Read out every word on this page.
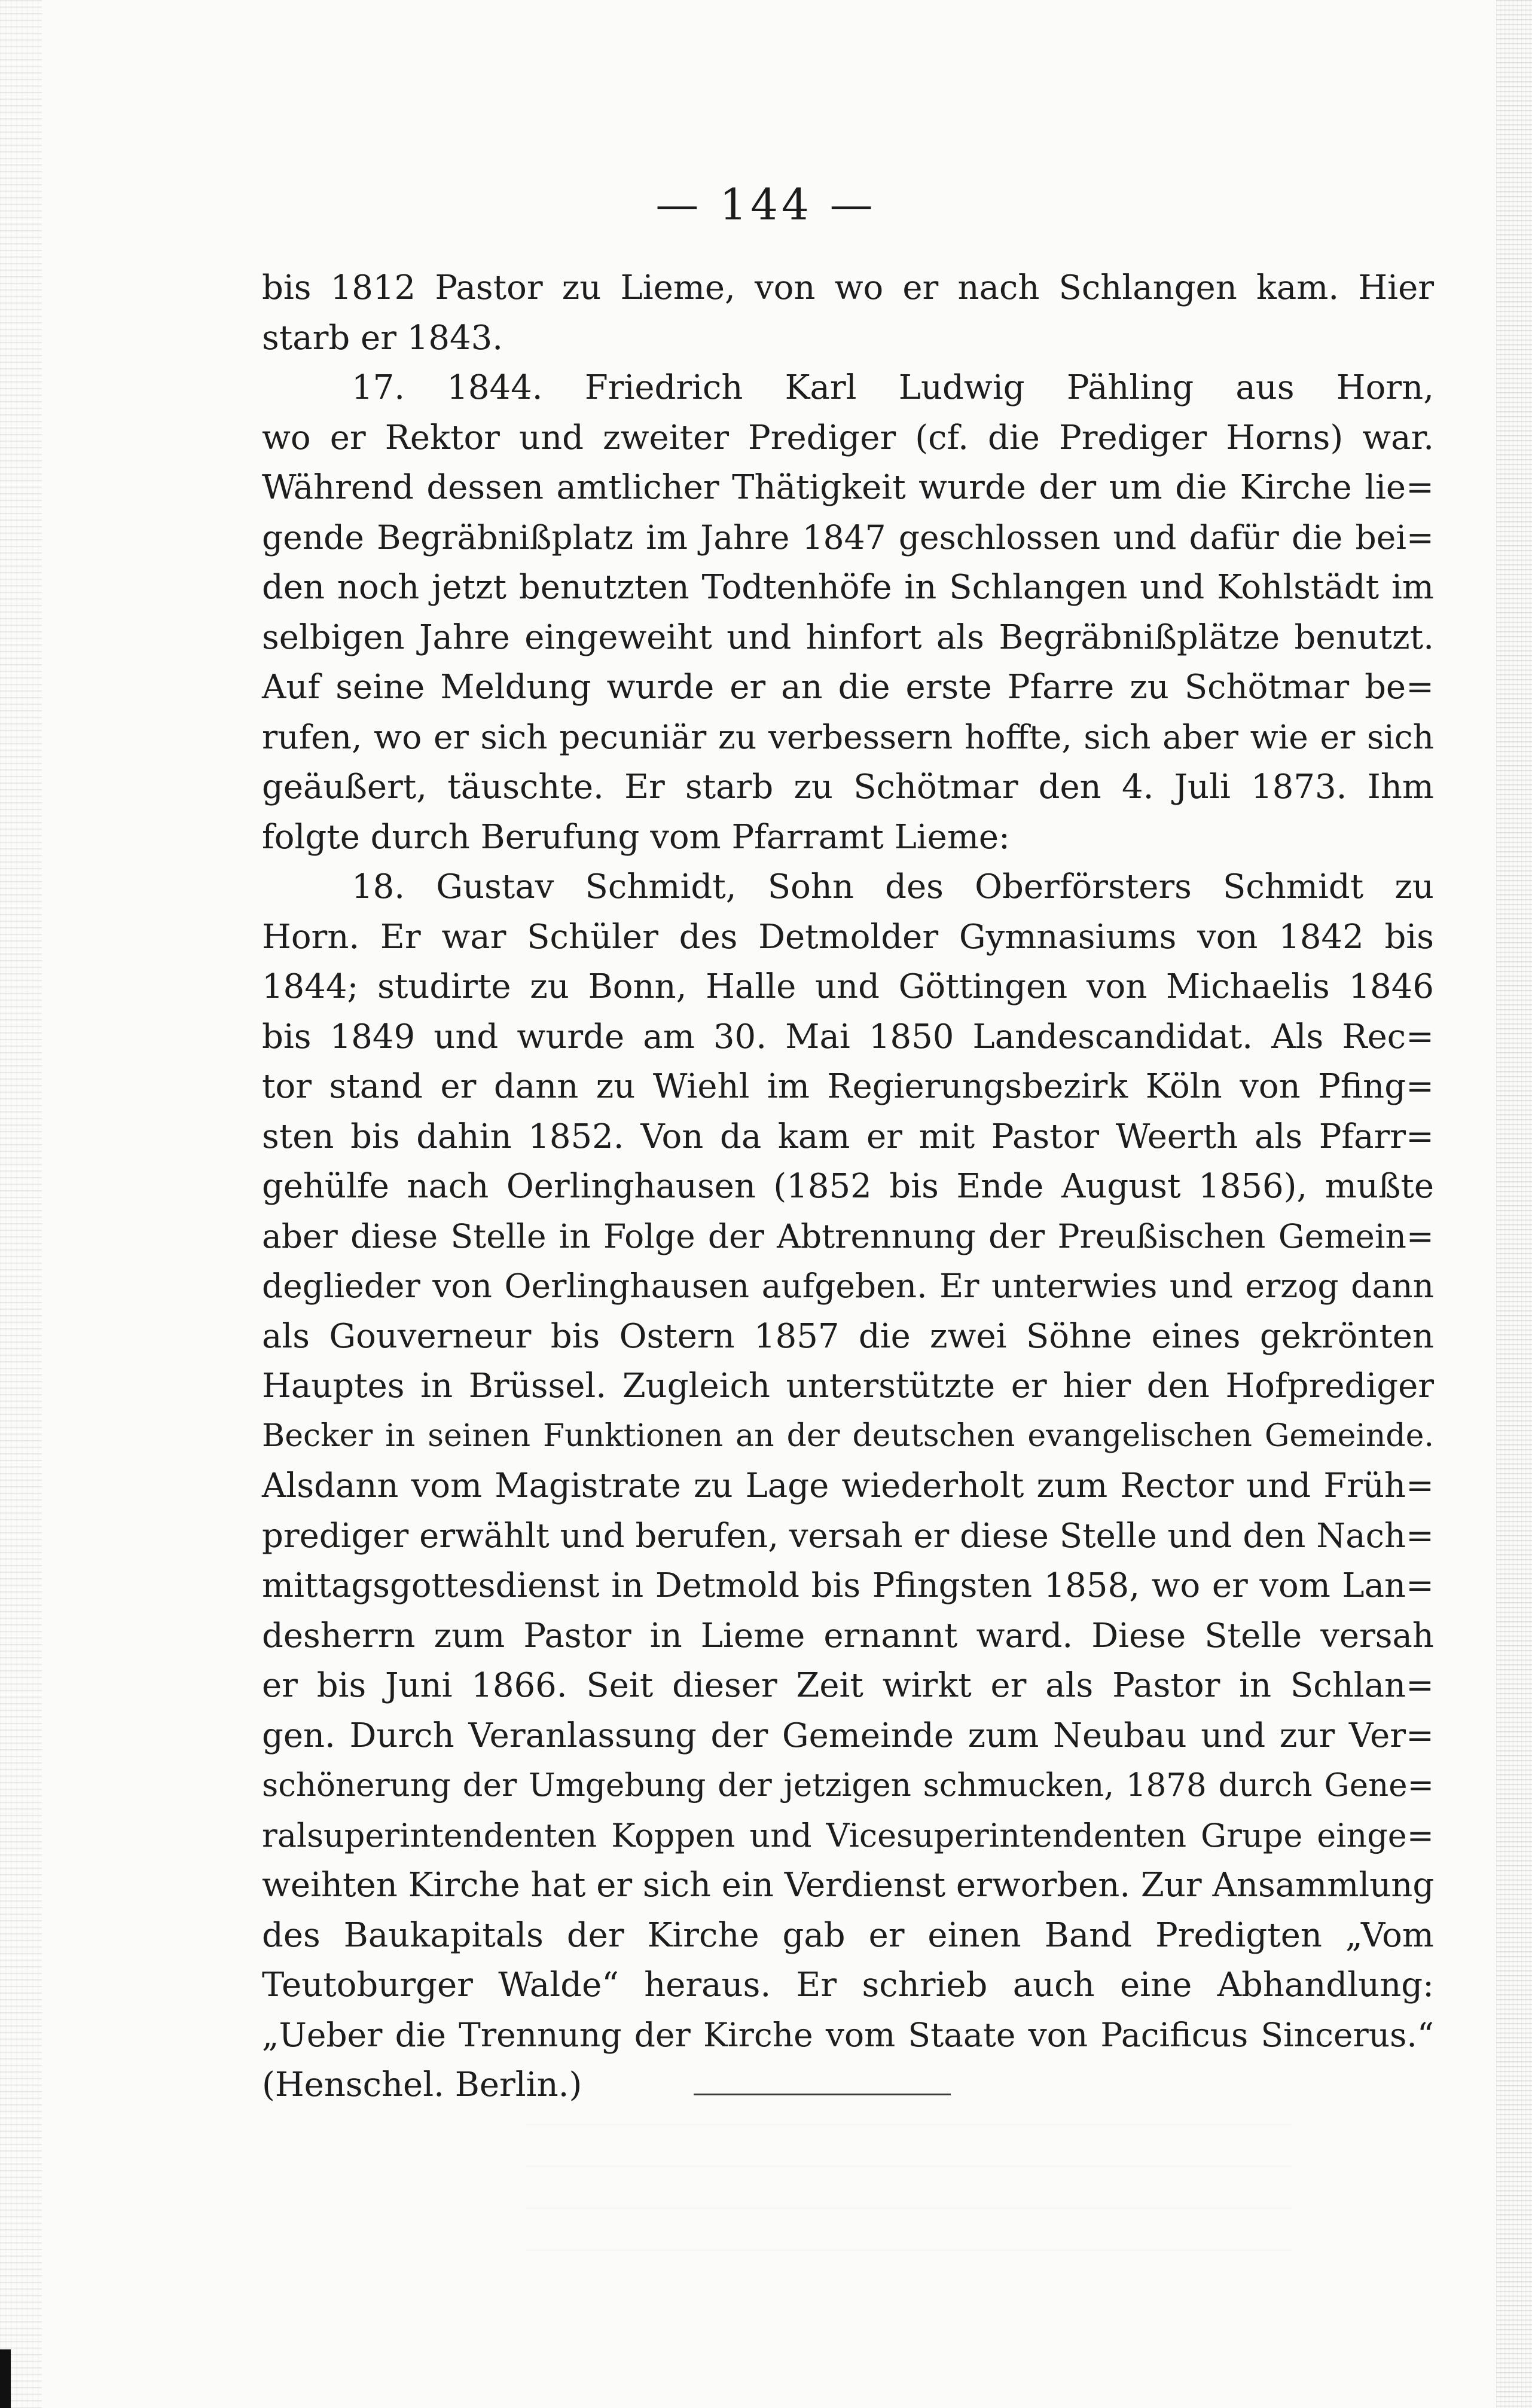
— 144 —
bis 1812 Pastor zu Lieme, von wo er nach Schlangen kam. Hier
starb er 1843.
17. 1844. Friedrich Karl Ludwig Pähling aus Horn,
wo er Rektor und zweiter Prediger (cf. die Prediger Horns) war.
Während dessen amtlicher Thätigkeit wurde der um die Kirche lie=
gende Begräbnißplatz im Jahre 1847 geschlossen und dafür die bei=
den noch jetzt benutzten Todtenhöfe in Schlangen und Kohlstädt im
selbigen Jahre eingeweiht und hinfort als Begräbnißplätze benutzt.
Auf seine Meldung wurde er an die erste Pfarre zu Schötmar be=
rufen, wo er sich pecuniär zu verbessern hoffte, sich aber wie er sich
geäußert, täuschte. Er starb zu Schötmar den 4. Juli 1873. Ihm
folgte durch Berufung vom Pfarramt Lieme:
18. Gustav Schmidt, Sohn des Oberförsters Schmidt zu
Horn. Er war Schüler des Detmolder Gymnasiums von 1842 bis
1844; studirte zu Bonn, Halle und Göttingen von Michaelis 1846
bis 1849 und wurde am 30. Mai 1850 Landescandidat. Als Rec=
tor stand er dann zu Wiehl im Regierungsbezirk Köln von Pfing=
sten bis dahin 1852. Von da kam er mit Pastor Weerth als Pfarr=
gehülfe nach Oerlinghausen (1852 bis Ende August 1856), mußte
aber diese Stelle in Folge der Abtrennung der Preußischen Gemein=
deglieder von Oerlinghausen aufgeben. Er unterwies und erzog dann
als Gouverneur bis Ostern 1857 die zwei Söhne eines gekrönten
Hauptes in Brüssel. Zugleich unterstützte er hier den Hofprediger
Becker in seinen Funktionen an der deutschen evangelischen Gemeinde.
Alsdann vom Magistrate zu Lage wiederholt zum Rector und Früh=
prediger erwählt und berufen, versah er diese Stelle und den Nach=
mittagsgottesdienst in Detmold bis Pfingsten 1858, wo er vom Lan=
desherrn zum Pastor in Lieme ernannt ward. Diese Stelle versah
er bis Juni 1866. Seit dieser Zeit wirkt er als Pastor in Schlan=
gen. Durch Veranlassung der Gemeinde zum Neubau und zur Ver=
schönerung der Umgebung der jetzigen schmucken, 1878 durch Gene=
ralsuperintendenten Koppen und Vicesuperintendenten Grupe einge=
weihten Kirche hat er sich ein Verdienst erworben. Zur Ansammlung
des Baukapitals der Kirche gab er einen Band Predigten „Vom
Teutoburger Walde“ heraus. Er schrieb auch eine Abhandlung:
„Ueber die Trennung der Kirche vom Staate von Pacificus Sincerus.“
(Henschel. Berlin.)
